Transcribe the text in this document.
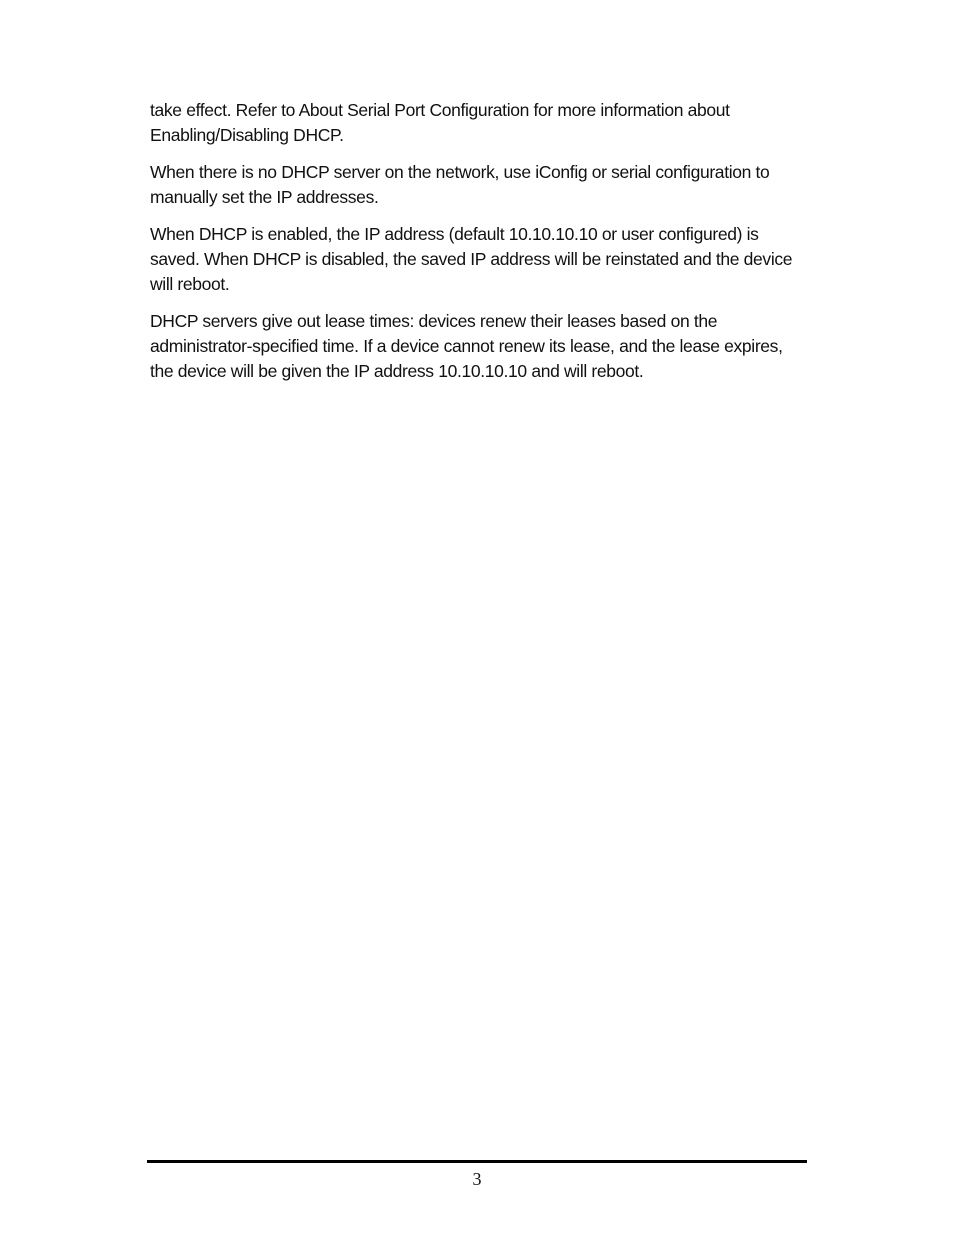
take effect. Refer to About Serial Port Configuration for more information about Enabling/Disabling DHCP.

When there is no DHCP server on the network, use iConfig or serial configuration to manually set the IP addresses.

When DHCP is enabled, the IP address (default 10.10.10.10 or user configured) is saved. When DHCP is disabled, the saved IP address will be reinstated and the device will reboot.

DHCP servers give out lease times: devices renew their leases based on the administrator-specified time. If a device cannot renew its lease, and the lease expires, the device will be given the IP address 10.10.10.10 and will reboot.

3
